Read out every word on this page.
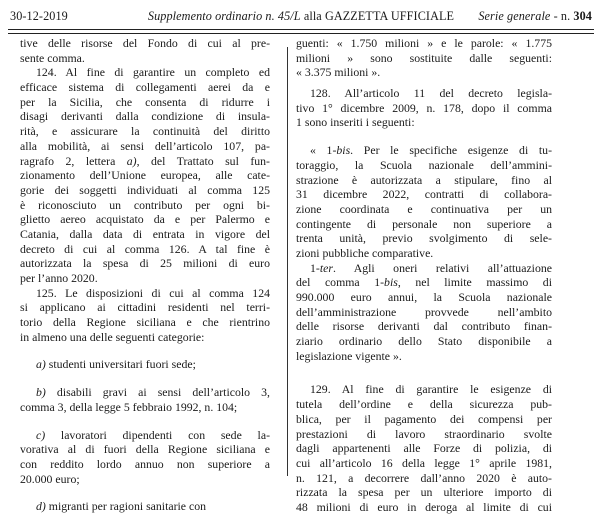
30-12-2019	Supplemento ordinario n. 45/L alla GAZZETTA UFFICIALE	Serie generale - n. 304
tive delle risorse del Fondo di cui al pre-
sente comma.
124. Al fine di garantire un completo ed
efficace sistema di collegamenti aerei da e
per la Sicilia, che consenta di ridurre i
disagi derivanti dalla condizione di insula-
rità, e assicurare la continuità del diritto
alla mobilità, ai sensi dell’articolo 107, pa-
ragrafo 2, lettera a), del Trattato sul fun-
zionamento dell’Unione europea, alle cate-
gorie dei soggetti individuati al comma 125
è riconosciuto un contributo per ogni bi-
glietto aereo acquistato da e per Palermo e
Catania, dalla data di entrata in vigore del
decreto di cui al comma 126. A tal fine è
autorizzata la spesa di 25 milioni di euro
per l’anno 2020.
125. Le disposizioni di cui al comma 124
si applicano ai cittadini residenti nel terri-
torio della Regione siciliana e che rientrino
in almeno una delle seguenti categorie:
a) studenti universitari fuori sede;
b) disabili gravi ai sensi dell’articolo 3,
comma 3, della legge 5 febbraio 1992, n. 104;
c) lavoratori dipendenti con sede la-
vorativa al di fuori della Regione siciliana e
con reddito lordo annuo non superiore a
20.000 euro;
d) migranti per ragioni sanitarie con
guenti: « 1.750 milioni » e le parole: « 1.775
milioni » sono sostituite dalle seguenti:
« 3.375 milioni ».
128. All’articolo 11 del decreto legisla-
tivo 1° dicembre 2009, n. 178, dopo il comma
1 sono inseriti i seguenti:
« 1-bis. Per le specifiche esigenze di tu-
toraggio, la Scuola nazionale dell’ammini-
strazione è autorizzata a stipulare, fino al
31 dicembre 2022, contratti di collabora-
zione coordinata e continuativa per un
contingente di personale non superiore a
trenta unità, previo svolgimento di sele-
zioni pubbliche comparative.
1-ter. Agli oneri relativi all’attuazione
del comma 1-bis, nel limite massimo di
990.000 euro annui, la Scuola nazionale
dell’amministrazione provvede nell’ambito
delle risorse derivanti dal contributo finan-
ziario ordinario dello Stato disponibile a
legislazione vigente ».
129. Al fine di garantire le esigenze di
tutela dell’ordine e della sicurezza pub-
blica, per il pagamento dei compensi per
prestazioni di lavoro straordinario svolte
dagli appartenenti alle Forze di polizia, di
cui all’articolo 16 della legge 1° aprile 1981,
n. 121, a decorrere dall’anno 2020 è auto-
rizzata la spesa per un ulteriore importo di
48 milioni di euro in deroga al limite di cui
